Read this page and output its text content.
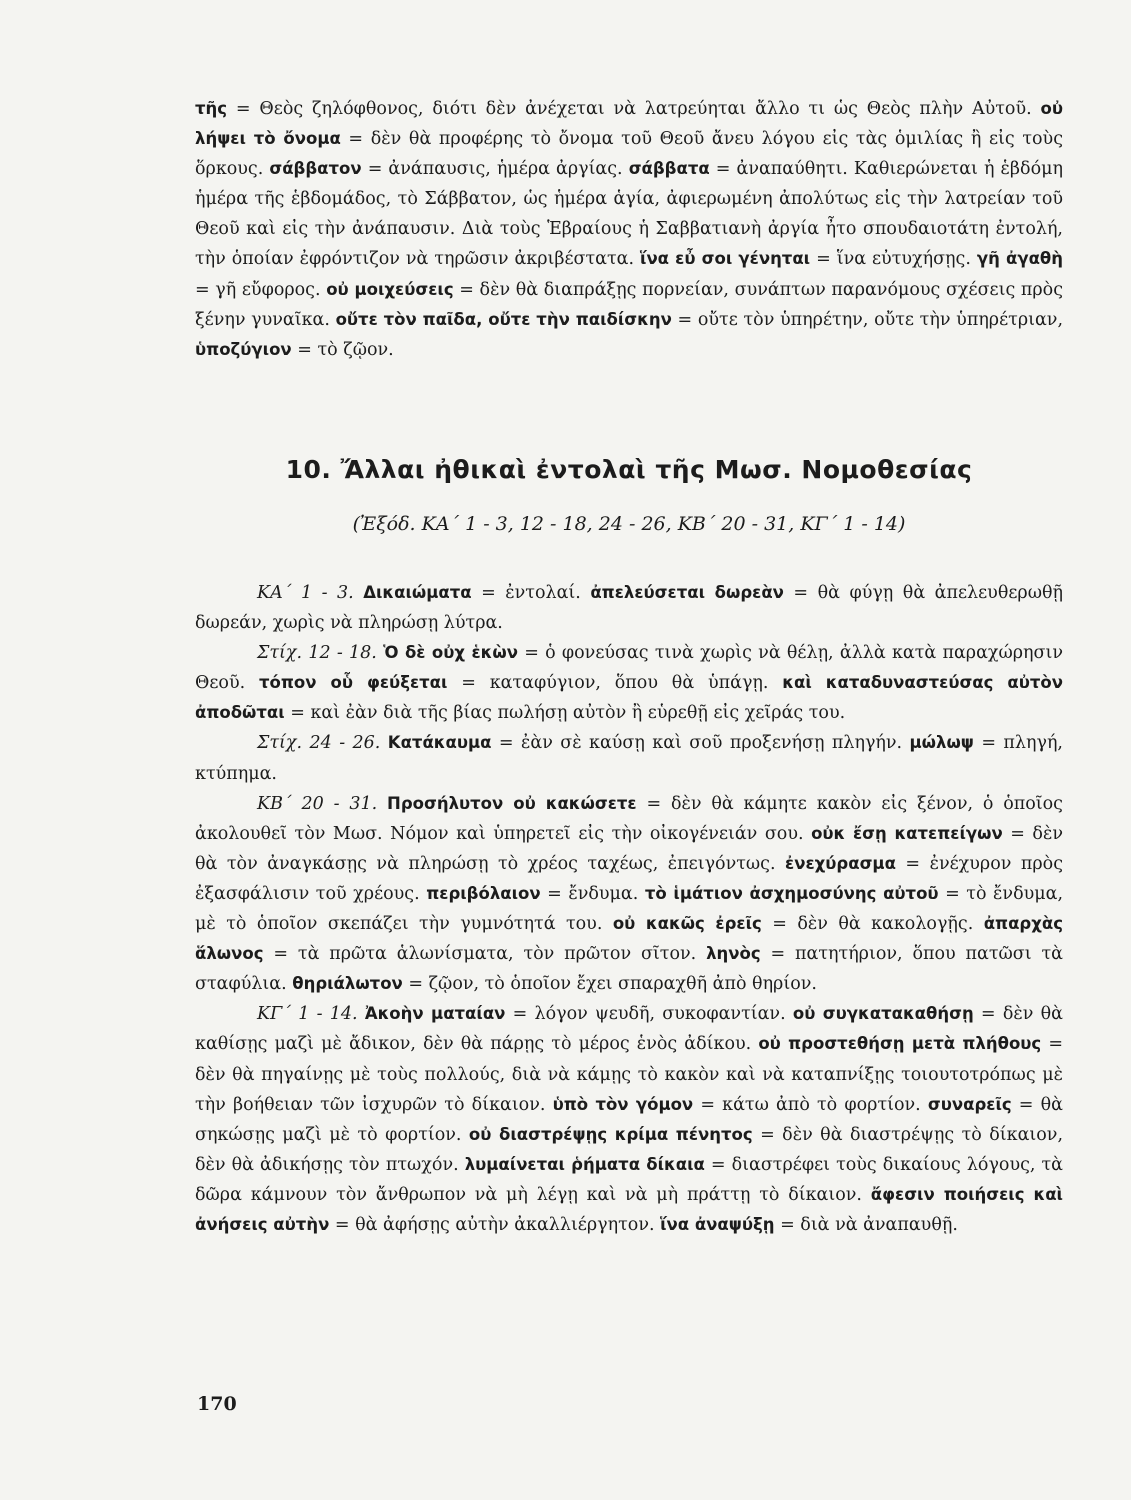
τῆς = Θεὸς ζηλόφθονος, διότι δὲν ἀνέχεται νὰ λατρεύηται ἄλλο τι ὡς Θεὸς πλὴν Αὐτοῦ. οὐ λήψει τὸ ὄνομα = δὲν θὰ προφέρης τὸ ὄνομα τοῦ Θεοῦ ἄνευ λόγου εἰς τὰς ὁμιλίας ἢ εἰς τοὺς ὅρκους. σάββατον = ἀνάπαυσις, ἡμέρα ἀργίας. σάββατα = ἀναπαύθητι. Καθιερώνεται ἡ ἑβδόμη ἡμέρα τῆς ἑβδομάδος, τὸ Σάββατον, ὡς ἡμέρα ἁγία, ἀφιερωμένη ἀπολύτως εἰς τὴν λατρείαν τοῦ Θεοῦ καὶ εἰς τὴν ἀνάπαυσιν. Διὰ τοὺς Ἑβραίους ἡ Σαββατιανὴ ἀργία ἦτο σπουδαιοτάτη ἐντολή, τὴν ὁποίαν ἐφρόντιζον νὰ τηρῶσιν ἀκριβέστατα. ἵνα εὖ σοι γένηται = ἵνα εὐτυχήσῃς. γῆ ἀγαθὴ = γῆ εὔφορος. οὐ μοιχεύσεις = δὲν θὰ διαπράξῃς πορνείαν, συνάπτων παρανόμους σχέσεις πρὸς ξένην γυναῖκα. οὔτε τὸν παῖδα, οὔτε τὴν παιδίσκην = οὔτε τὸν ὑπηρέτην, οὔτε τὴν ὑπηρέτριαν, ὑποζύγιον = τὸ ζῷον.

10. Ἄλλαι ἠθικαὶ ἐντολαὶ τῆς Μωσ. Νομοθεσίας

(Ἐξόδ. ΚΑ΄ 1 - 3, 12 - 18, 24 - 26, ΚΒ΄ 20 - 31, ΚΓ΄ 1 - 14)

ΚΑ΄ 1 - 3. Δικαιώματα = ἐντολαί. ἀπελεύσεται δωρεὰν = θὰ φύγῃ θὰ ἀπελευθερωθῇ δωρεάν, χωρὶς νὰ πληρώσῃ λύτρα.

Στίχ. 12 - 18. Ὁ δὲ οὐχ ἑκὼν = ὁ φονεύσας τινὰ χωρὶς νὰ θέλῃ, ἀλλὰ κατὰ παραχώρησιν Θεοῦ. τόπον οὗ φεύξεται = καταφύγιον, ὅπου θὰ ὑπάγῃ. καὶ καταδυναστεύσας αὐτὸν ἀποδῶται = καὶ ἐὰν διὰ τῆς βίας πωλήσῃ αὐτὸν ἢ εὑρεθῇ εἰς χεῖράς του.

Στίχ. 24 - 26. Κατάκαυμα = ἐὰν σὲ καύσῃ καὶ σοῦ προξενήσῃ πληγήν. μώλωψ = πληγή, κτύπημα.

ΚΒ΄ 20 - 31. Προσήλυτον οὐ κακώσετε = δὲν θὰ κάμητε κακὸν εἰς ξένον, ὁ ὁποῖος ἀκολουθεῖ τὸν Μωσ. Νόμον καὶ ὑπηρετεῖ εἰς τὴν οἰκογένειάν σου. οὐκ ἔσῃ κατεπείγων = δὲν θὰ τὸν ἀναγκάσῃς νὰ πληρώσῃ τὸ χρέος ταχέως, ἐπειγόντως. ἐνεχύρασμα = ἐνέχυρον πρὸς ἐξασφάλισιν τοῦ χρέους. περιβόλαιον = ἔνδυμα. τὸ ἱμάτιον ἀσχημοσύνης αὐτοῦ = τὸ ἔνδυμα, μὲ τὸ ὁποῖον σκεπάζει τὴν γυμνότητά του. οὐ κακῶς ἐρεῖς = δὲν θὰ κακολογῇς. ἀπαρχὰς ἅλωνος = τὰ πρῶτα ἁλωνίσματα, τὸν πρῶτον σῖτον. ληνὸς = πατητήριον, ὅπου πατῶσι τὰ σταφύλια. θηριάλωτον = ζῷον, τὸ ὁποῖον ἔχει σπαραχθῆ ἀπὸ θηρίον.

ΚΓ΄ 1 - 14. Ἀκοὴν ματαίαν = λόγον ψευδῆ, συκοφαντίαν. οὐ συγκατακαθήσῃ = δὲν θὰ καθίσῃς μαζὶ μὲ ἄδικον, δὲν θὰ πάρῃς τὸ μέρος ἑνὸς ἀδίκου. οὐ προστεθήσῃ μετὰ πλήθους = δὲν θὰ πηγαίνῃς μὲ τοὺς πολλούς, διὰ νὰ κάμῃς τὸ κακὸν καὶ νὰ καταπνίξῃς τοιουτοτρόπως μὲ τὴν βοήθειαν τῶν ἰσχυρῶν τὸ δίκαιον. ὑπὸ τὸν γόμον = κάτω ἀπὸ τὸ φορτίον. συναρεῖς = θὰ σηκώσῃς μαζὶ μὲ τὸ φορτίον. οὐ διαστρέψῃς κρίμα πένητος = δὲν θὰ διαστρέψῃς τὸ δίκαιον, δὲν θὰ ἀδικήσῃς τὸν πτωχόν. λυμαίνεται ῥήματα δίκαια = διαστρέφει τοὺς δικαίους λόγους, τὰ δῶρα κάμνουν τὸν ἄνθρωπον νὰ μὴ λέγῃ καὶ νὰ μὴ πράττῃ τὸ δίκαιον. ἄφεσιν ποιήσεις καὶ ἀνήσεις αὐτὴν = θὰ ἀφήσῃς αὐτὴν ἀκαλλιέργητον. ἵνα ἀναψύξῃ = διὰ νὰ ἀναπαυθῇ.

170
